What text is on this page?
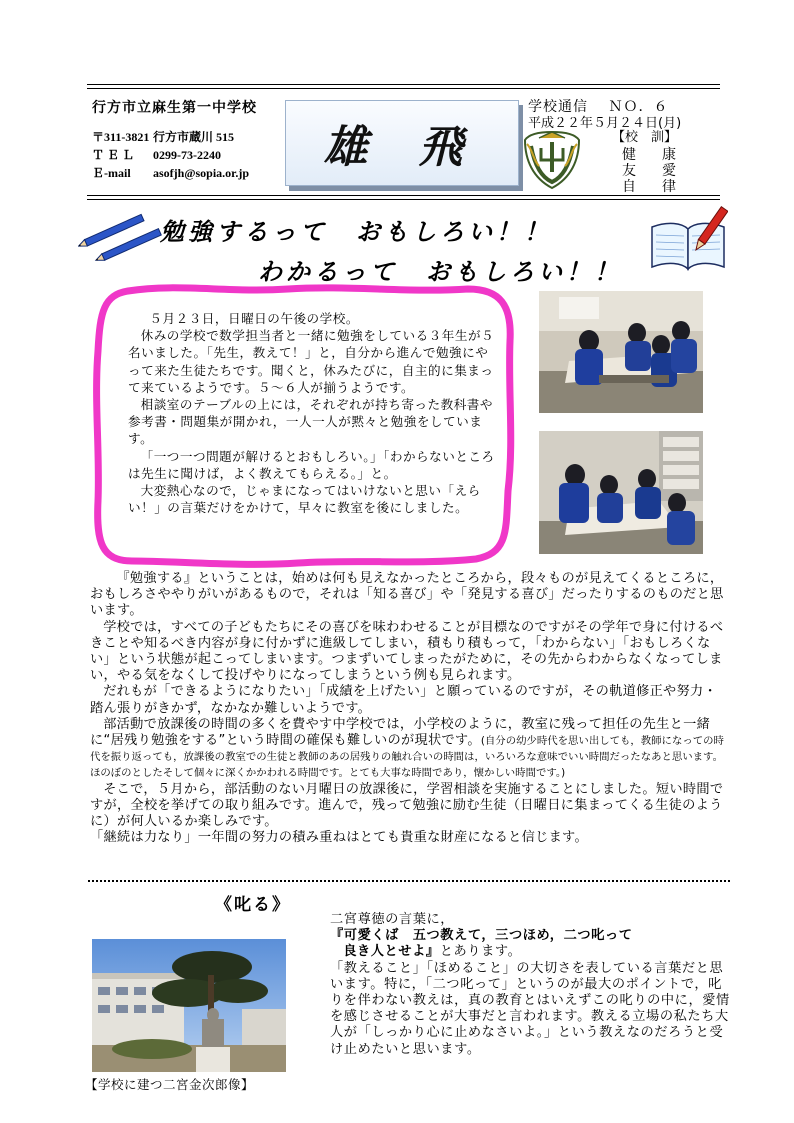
行方市立麻生第一中学校
〒311-3821 行方市蔵川 515
ＴＥＬ 0299-73-2240
Ｅ-mail asofjh@sopia.or.jp	雄 飛
学校通信　 ＮＯ．６
平成２２年５月２４日(月)
【校　訓】
健　康
友　愛
自　律
勉強するって　おもしろい！！
わかるって　おもしろい！！

５月２３日，日曜日の午後の学校。

休みの学校で数学担当者と一緒に勉強をしている３年生が５名いました。「先生，教えて！」と，自分から進んで勉強にやって来た生徒たちです。聞くと，休みたびに，自主的に集まって来ているようです。５～６人が揃うようです。

相談室のテーブルの上には，それぞれが持ち寄った教科書や参考書・問題集が開かれ，一人一人が黙々と勉強をしています。

「一つ一つ問題が解けるとおもしろい。」「わからないところは先生に聞けば，よく教えてもらえる。」と。

大変熱心なので，じゃまになってはいけないと思い「えらい！」の言葉だけをかけて，早々に教室を後にしました。

『勉強する』ということは，始めは何も見えなかったところから，段々ものが見えてくるところに，おもしろさややりがいがあるもので，それは「知る喜び」や「発見する喜び」だったりするのものだと思います。

学校では，すべての子どもたちにその喜びを味わわせることが目標なのですがその学年で身に付けるべきことや知るべき内容が身に付かずに進級してしまい，積もり積もって，「わからない」「おもしろくない」という状態が起こってしまいます。つまずいてしまったがために，その先からわからなくなってしまい，やる気をなくして投げやりになってしまうという例も見られます。

だれもが「できるようになりたい」「成績を上げたい」と願っているのですが，その軌道修正や努力・踏ん張りがきかず，なかなか難しいようです。

部活動で放課後の時間の多くを費やす中学校では，小学校のように，教室に残って担任の先生と一緒に“居残り勉強をする”という時間の確保も難しいのが現状です。(自分の幼少時代を思い出しても，教師になっての時代を振り返っても，放課後の教室での生徒と教師のあの居残りの触れ合いの時間は，いろいろな意味でいい時間だったなあと思います。ほのぼのとしたそして個々に深くかかわれる時間です。とても大事な時間であり，懐かしい時間です。)

そこで，５月から，部活動のない月曜日の放課後に，学習相談を実施することにしました。短い時間ですが，全校を挙げての取り組みです。進んで，残って勉強に励む生徒（日曜日に集まってくる生徒のように）が何人いるか楽しみです。

「継続は力なり」一年間の努力の積み重ねはとても貴重な財産になると信じます。

《叱る》

二宮尊徳の言葉に，

『可愛くば　五つ教えて，三つほめ，二つ叱って

良き人とせよ』とあります。

「教えること」「ほめること」の大切さを表している言葉だと思います。特に，「二つ叱って」というのが最大のポイントで，叱りを伴わない教えは，真の教育とはいえずこの叱りの中に，愛情を感じさせることが大事だと言われます。教える立場の私たち大人が「しっかり心に止めなさいよ。」という教えなのだろうと受け止めたいと思います。

【学校に建つ二宮金次郎像】
